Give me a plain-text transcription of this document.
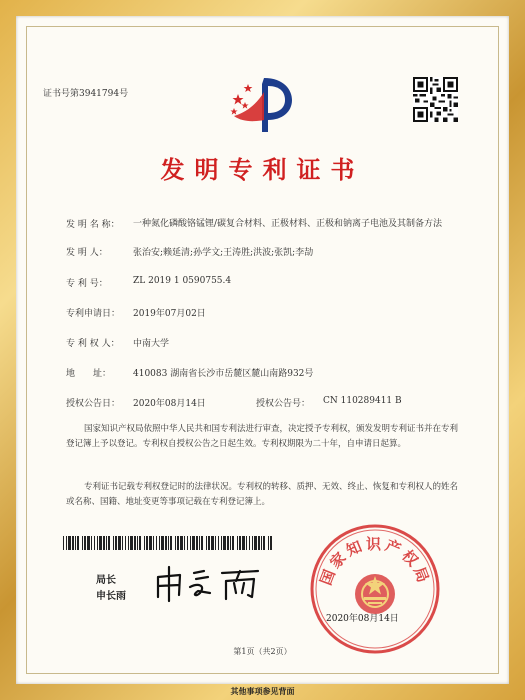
证书号第3941794号
发明专利证书
发 明 名 称： 一种氮化磷酸铬锰锂/碳复合材料、正极材料、正极和钠离子电池及其制备方法
发 明 人：	张治安;赖延清;孙学文;王涛胜;洪波;张凯;李劼
专 利 号：	ZL 2019 1 0590755.4
专利申请日： 2019年07月02日
专 利 权 人： 中南大学
地　　址： 410083 湖南省长沙市岳麓区麓山南路932号
授权公告日： 2020年08月14日	授权公告号： CN 110289411 B
国家知识产权局依照中华人民共和国专利法进行审查，决定授予专利权，颁发发明专利证书并在专利登记簿上予以登记。专利权自授权公告之日起生效。专利权期限为二十年，自申请日起算。
专利证书记载专利权登记时的法律状况。专利权的转移、质押、无效、终止、恢复和专利权人的姓名或名称、国籍、地址变更等事项记载在专利登记簿上。
局长
申长雨
国家知识产权局
2020年08月14日
第1页（共2页）
其他事项参见背面
